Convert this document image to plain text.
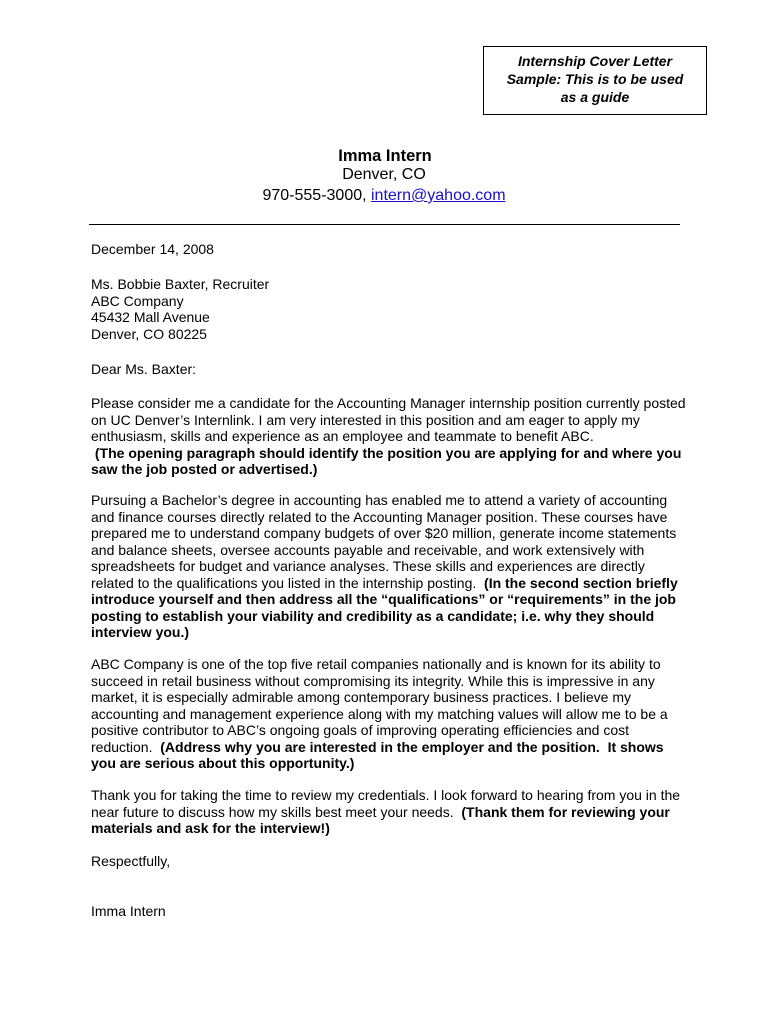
Internship Cover Letter
Sample: This is to be used
as a guide
Imma Intern
Denver, CO
970-555-3000, intern@yahoo.com
December 14, 2008

Ms. Bobbie Baxter, Recruiter

ABC Company

45432 Mall Avenue

Denver, CO 80225

Dear Ms. Baxter:

Please consider me a candidate for the Accounting Manager internship position currently posted

on UC Denver’s Internlink. I am very interested in this position and am eager to apply my

enthusiasm, skills and experience as an employee and teammate to benefit ABC.

(The opening paragraph should identify the position you are applying for and where you

saw the job posted or advertised.)

Pursuing a Bachelor’s degree in accounting has enabled me to attend a variety of accounting

and finance courses directly related to the Accounting Manager position. These courses have

prepared me to understand company budgets of over $20 million, generate income statements

and balance sheets, oversee accounts payable and receivable, and work extensively with

spreadsheets for budget and variance analyses. These skills and experiences are directly

related to the qualifications you listed in the internship posting.  (In the second section briefly

introduce yourself and then address all the “qualifications” or “requirements” in the job

posting to establish your viability and credibility as a candidate; i.e. why they should

interview you.)

ABC Company is one of the top five retail companies nationally and is known for its ability to

succeed in retail business without compromising its integrity. While this is impressive in any

market, it is especially admirable among contemporary business practices. I believe my

accounting and management experience along with my matching values will allow me to be a

positive contributor to ABC’s ongoing goals of improving operating efficiencies and cost

reduction.  (Address why you are interested in the employer and the position.  It shows

you are serious about this opportunity.)

Thank you for taking the time to review my credentials. I look forward to hearing from you in the

near future to discuss how my skills best meet your needs.  (Thank them for reviewing your

materials and ask for the interview!)

Respectfully,
Imma Intern
